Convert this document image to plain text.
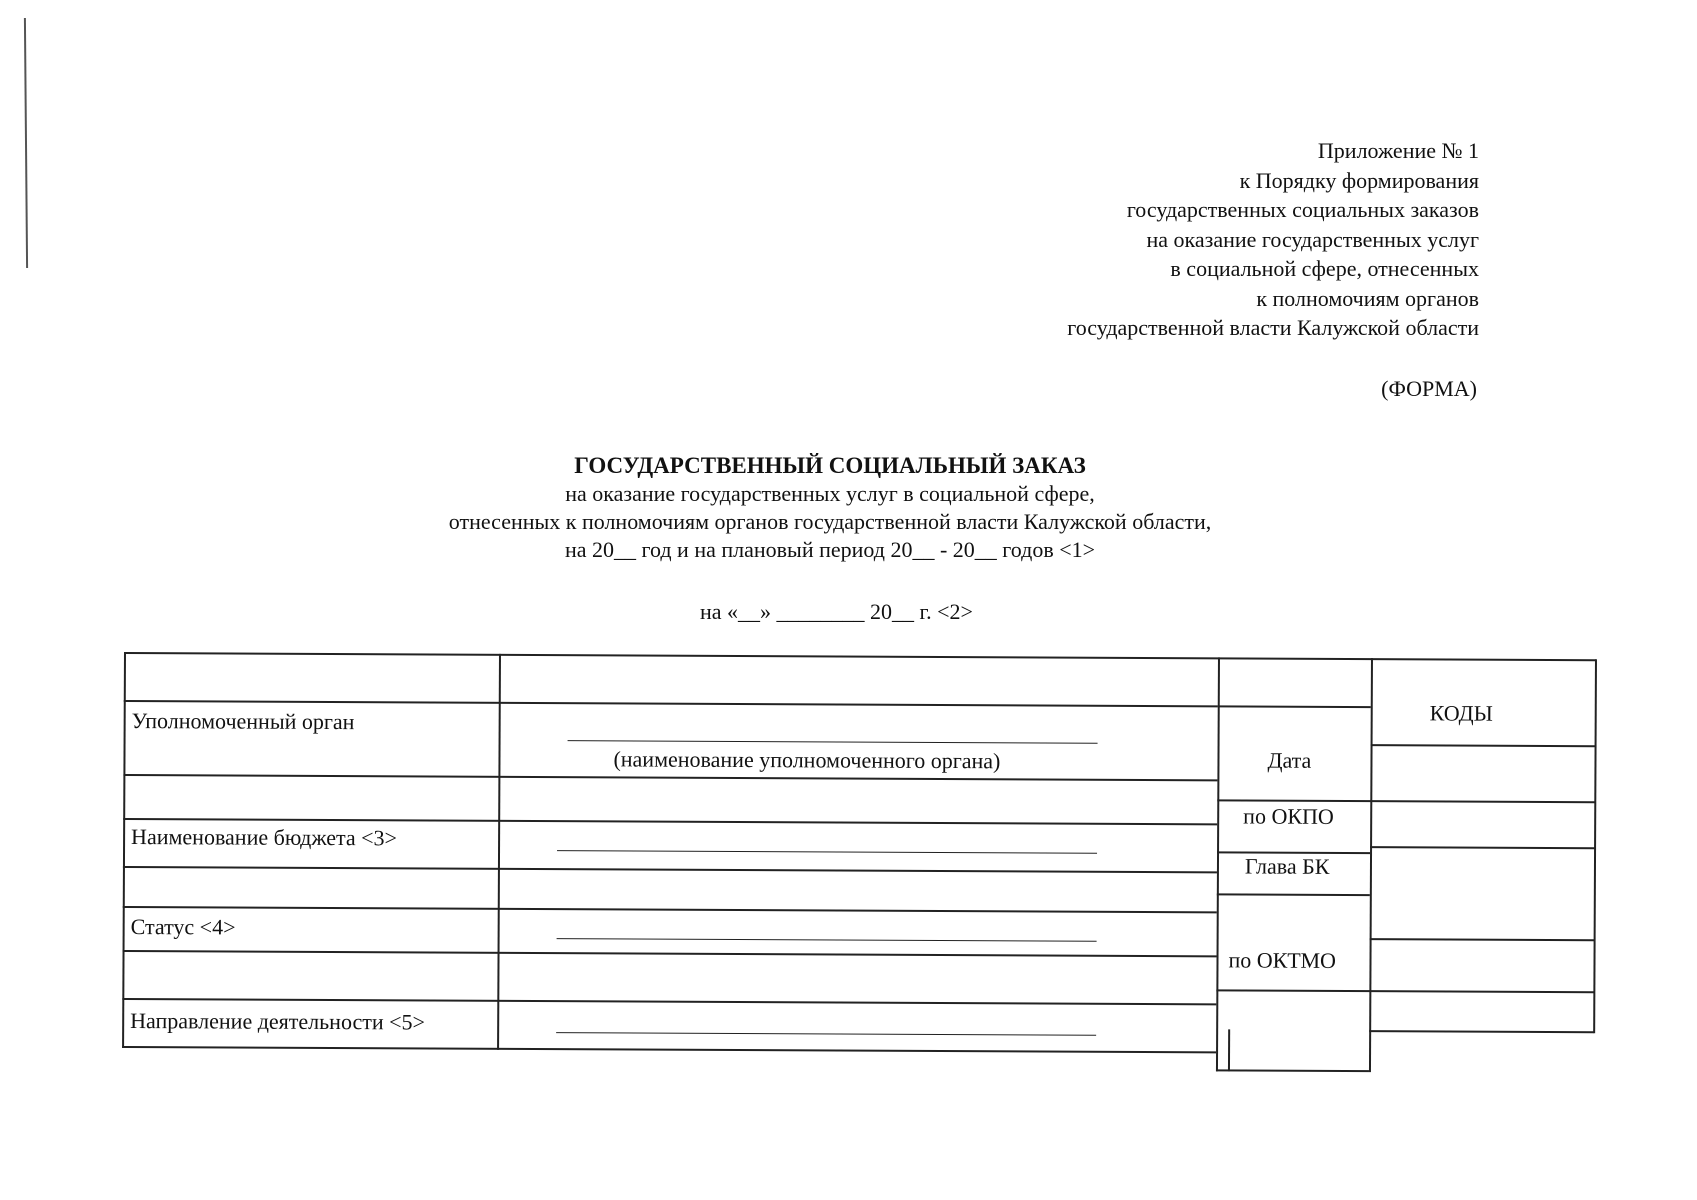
Приложение № 1
к Порядку формирования
государственных социальных заказов
на оказание государственных услуг
в социальной сфере, отнесенных
к полномочиям органов
государственной власти Калужской области
(ФОРМА)
ГОСУДАРСТВЕННЫЙ СОЦИАЛЬНЫЙ ЗАКАЗ
на оказание государственных услуг в социальной сфере,
отнесенных к полномочиям органов государственной власти Калужской области,
на 20__ год и на плановый период 20__ - 20__ годов <1>
на «__» ________ 20__ г. <2>
КОДЫ
Уполномоченный орган
(наименование уполномоченного органа)	Дата
по ОКПО
Наименование бюджета <3>
Глава БК
Статус <4>
по ОКТМО
Направление деятельности <5>
